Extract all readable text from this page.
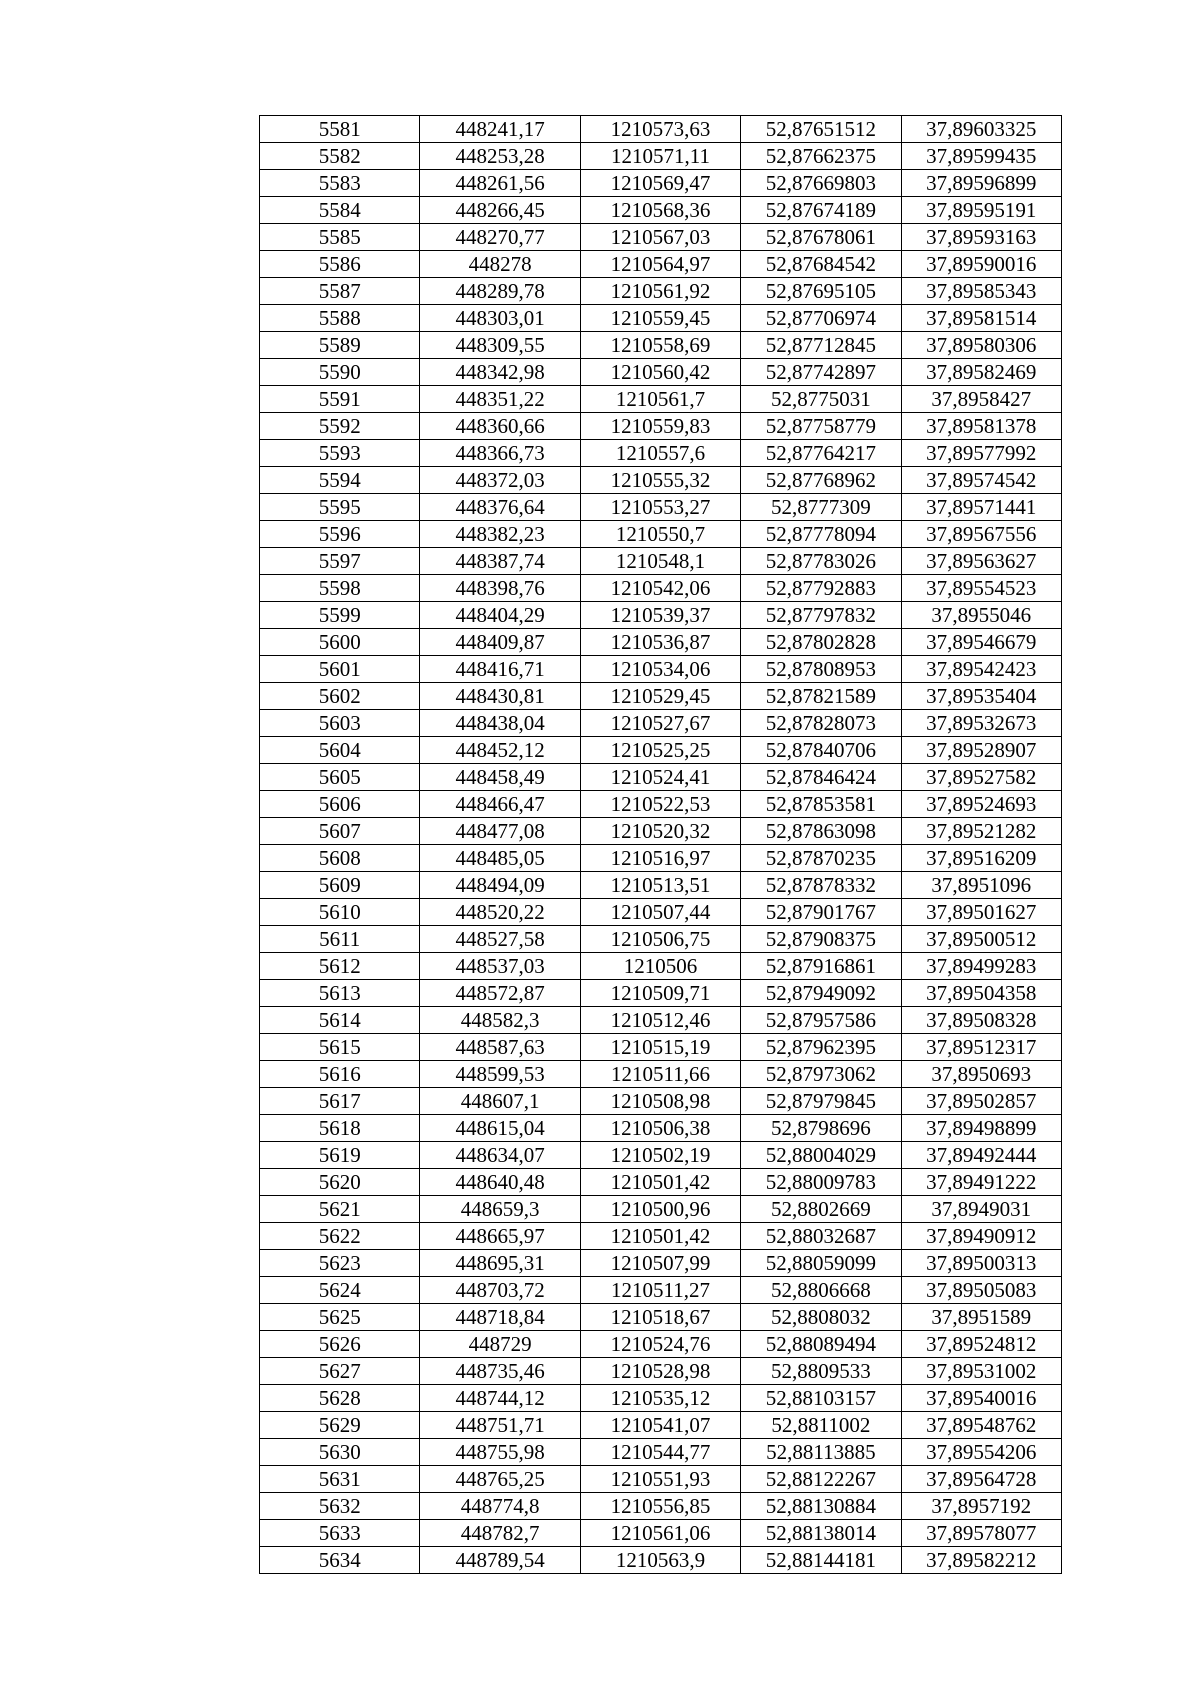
5581	448241,17	1210573,63	52,87651512	37,89603325
5582	448253,28	1210571,11	52,87662375	37,89599435
5583	448261,56	1210569,47	52,87669803	37,89596899
5584	448266,45	1210568,36	52,87674189	37,89595191
5585	448270,77	1210567,03	52,87678061	37,89593163
5586	448278	1210564,97	52,87684542	37,89590016
5587	448289,78	1210561,92	52,87695105	37,89585343
5588	448303,01	1210559,45	52,87706974	37,89581514
5589	448309,55	1210558,69	52,87712845	37,89580306
5590	448342,98	1210560,42	52,87742897	37,89582469
5591	448351,22	1210561,7	52,8775031	37,8958427
5592	448360,66	1210559,83	52,87758779	37,89581378
5593	448366,73	1210557,6	52,87764217	37,89577992
5594	448372,03	1210555,32	52,87768962	37,89574542
5595	448376,64	1210553,27	52,8777309	37,89571441
5596	448382,23	1210550,7	52,87778094	37,89567556
5597	448387,74	1210548,1	52,87783026	37,89563627
5598	448398,76	1210542,06	52,87792883	37,89554523
5599	448404,29	1210539,37	52,87797832	37,8955046
5600	448409,87	1210536,87	52,87802828	37,89546679
5601	448416,71	1210534,06	52,87808953	37,89542423
5602	448430,81	1210529,45	52,87821589	37,89535404
5603	448438,04	1210527,67	52,87828073	37,89532673
5604	448452,12	1210525,25	52,87840706	37,89528907
5605	448458,49	1210524,41	52,87846424	37,89527582
5606	448466,47	1210522,53	52,87853581	37,89524693
5607	448477,08	1210520,32	52,87863098	37,89521282
5608	448485,05	1210516,97	52,87870235	37,89516209
5609	448494,09	1210513,51	52,87878332	37,8951096
5610	448520,22	1210507,44	52,87901767	37,89501627
5611	448527,58	1210506,75	52,87908375	37,89500512
5612	448537,03	1210506	52,87916861	37,89499283
5613	448572,87	1210509,71	52,87949092	37,89504358
5614	448582,3	1210512,46	52,87957586	37,89508328
5615	448587,63	1210515,19	52,87962395	37,89512317
5616	448599,53	1210511,66	52,87973062	37,8950693
5617	448607,1	1210508,98	52,87979845	37,89502857
5618	448615,04	1210506,38	52,8798696	37,89498899
5619	448634,07	1210502,19	52,88004029	37,89492444
5620	448640,48	1210501,42	52,88009783	37,89491222
5621	448659,3	1210500,96	52,8802669	37,8949031
5622	448665,97	1210501,42	52,88032687	37,89490912
5623	448695,31	1210507,99	52,88059099	37,89500313
5624	448703,72	1210511,27	52,8806668	37,89505083
5625	448718,84	1210518,67	52,8808032	37,8951589
5626	448729	1210524,76	52,88089494	37,89524812
5627	448735,46	1210528,98	52,8809533	37,89531002
5628	448744,12	1210535,12	52,88103157	37,89540016
5629	448751,71	1210541,07	52,8811002	37,89548762
5630	448755,98	1210544,77	52,88113885	37,89554206
5631	448765,25	1210551,93	52,88122267	37,89564728
5632	448774,8	1210556,85	52,88130884	37,8957192
5633	448782,7	1210561,06	52,88138014	37,89578077
5634	448789,54	1210563,9	52,88144181	37,89582212
